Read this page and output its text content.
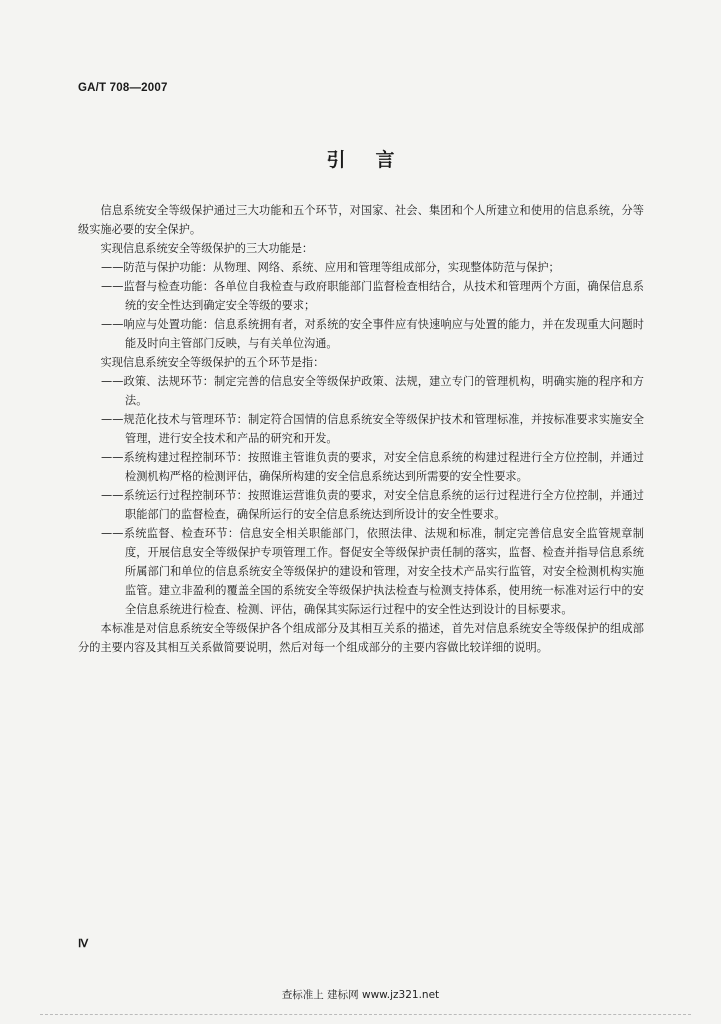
GA/T 708—2007
引言

信息系统安全等级保护通过三大功能和五个环节，对国家、社会、集团和个人所建立和使用的信息系统，分等级实施必要的安全保护。

实现信息系统安全等级保护的三大功能是：

——防范与保护功能：从物理、网络、系统、应用和管理等组成部分，实现整体防范与保护；

——监督与检查功能：各单位自我检查与政府职能部门监督检查相结合，从技术和管理两个方面，确保信息系统的安全性达到确定安全等级的要求；

——响应与处置功能：信息系统拥有者，对系统的安全事件应有快速响应与处置的能力，并在发现重大问题时能及时向主管部门反映，与有关单位沟通。

实现信息系统安全等级保护的五个环节是指：

——政策、法规环节：制定完善的信息安全等级保护政策、法规，建立专门的管理机构，明确实施的程序和方法。

——规范化技术与管理环节：制定符合国情的信息系统安全等级保护技术和管理标准，并按标准要求实施安全管理，进行安全技术和产品的研究和开发。

——系统构建过程控制环节：按照谁主管谁负责的要求，对安全信息系统的构建过程进行全方位控制，并通过检测机构严格的检测评估，确保所构建的安全信息系统达到所需要的安全性要求。

——系统运行过程控制环节：按照谁运营谁负责的要求，对安全信息系统的运行过程进行全方位控制，并通过职能部门的监督检查，确保所运行的安全信息系统达到所设计的安全性要求。

——系统监督、检查环节：信息安全相关职能部门，依照法律、法规和标准，制定完善信息安全监管规章制度，开展信息安全等级保护专项管理工作。督促安全等级保护责任制的落实，监督、检查并指导信息系统所属部门和单位的信息系统安全等级保护的建设和管理，对安全技术产品实行监管，对安全检测机构实施监管。建立非盈利的覆盖全国的系统安全等级保护执法检查与检测支持体系，使用统一标准对运行中的安全信息系统进行检查、检测、评估，确保其实际运行过程中的安全性达到设计的目标要求。

本标准是对信息系统安全等级保护各个组成部分及其相互关系的描述，首先对信息系统安全等级保护的组成部分的主要内容及其相互关系做简要说明，然后对每一个组成部分的主要内容做比较详细的说明。

Ⅳ
查标准上 建标网 www.jz321.net
